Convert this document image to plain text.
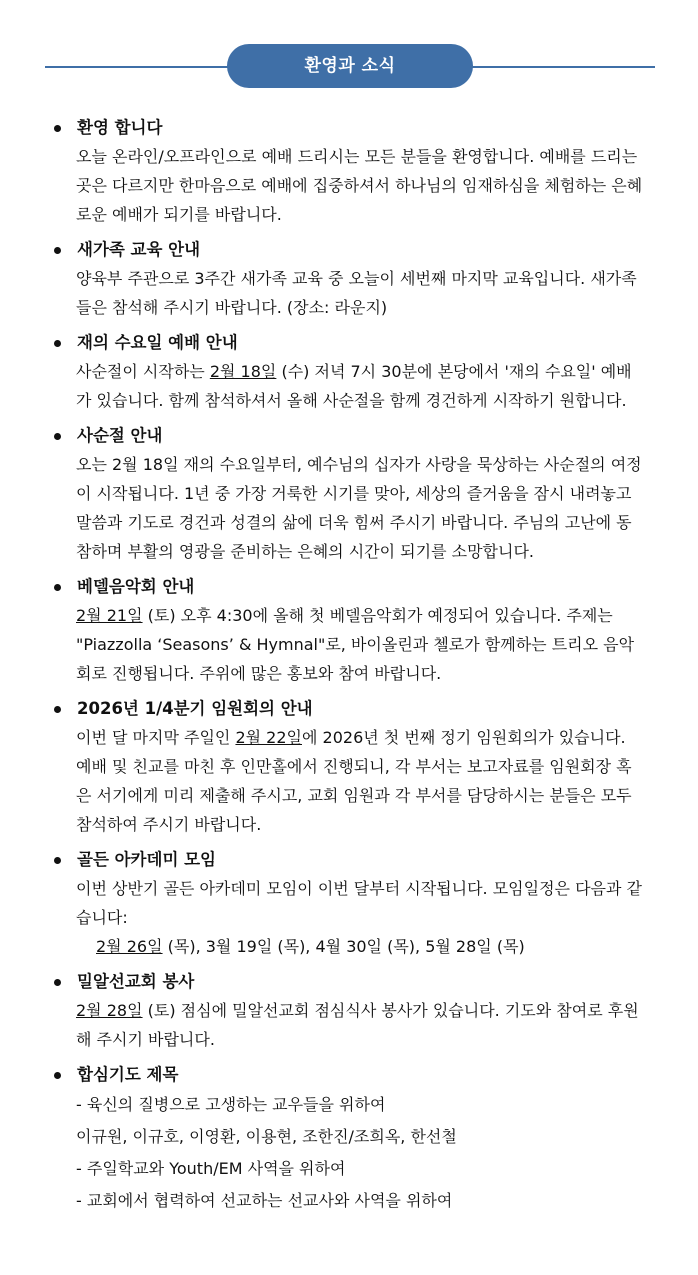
환영과 소식
환영 합니다
오늘 온라인/오프라인으로 예배 드리시는 모든 분들을 환영합니다. 예배를 드리는 곳은 다르지만 한마음으로 예배에 집중하셔서 하나님의 임재하심을 체험하는 은혜로운 예배가 되기를 바랍니다.
새가족 교육 안내
양육부 주관으로 3주간 새가족 교육 중 오늘이 세번째 마지막 교육입니다. 새가족들은 참석해 주시기 바랍니다. (장소: 라운지)
재의 수요일 예배 안내
사순절이 시작하는 2월 18일 (수) 저녁 7시 30분에 본당에서 '재의 수요일' 예배가 있습니다. 함께 참석하셔서 올해 사순절을 함께 경건하게 시작하기 원합니다.
사순절 안내
오는 2월 18일 재의 수요일부터, 예수님의 십자가 사랑을 묵상하는 사순절의 여정이 시작됩니다. 1년 중 가장 거룩한 시기를 맞아, 세상의 즐거움을 잠시 내려놓고 말씀과 기도로 경건과 성결의 삶에 더욱 힘써 주시기 바랍니다. 주님의 고난에 동참하며 부활의 영광을 준비하는 은혜의 시간이 되기를 소망합니다.
베델음악회 안내
2월 21일 (토) 오후 4:30에 올해 첫 베델음악회가 예정되어 있습니다. 주제는 "Piazzolla ‘Seasons’ & Hymnal"로, 바이올린과 첼로가 함께하는 트리오 음악회로 진행됩니다. 주위에 많은 홍보와 참여 바랍니다.
2026년 1/4분기 임원회의 안내
이번 달 마지막 주일인 2월 22일에 2026년 첫 번째 정기 임원회의가 있습니다. 예배 및 친교를 마친 후 인만홀에서 진행되니, 각 부서는 보고자료를 임원회장 혹은 서기에게 미리 제출해 주시고, 교회 임원과 각 부서를 담당하시는 분들은 모두 참석하여 주시기 바랍니다.
골든 아카데미 모임
이번 상반기 골든 아카데미 모임이 이번 달부터 시작됩니다. 모임일정은 다음과 같습니다:
2월 26일 (목), 3월 19일 (목), 4월 30일 (목), 5월 28일 (목)
밀알선교회 봉사
2월 28일 (토) 점심에 밀알선교회 점심식사 봉사가 있습니다. 기도와 참여로 후원해 주시기 바랍니다.
합심기도 제목
- 육신의 질병으로 고생하는 교우들을 위하여
이규원, 이규호, 이영환, 이용현, 조한진/조희옥, 한선철
- 주일학교와 Youth/EM 사역을 위하여
- 교회에서 협력하여 선교하는 선교사와 사역을 위하여
